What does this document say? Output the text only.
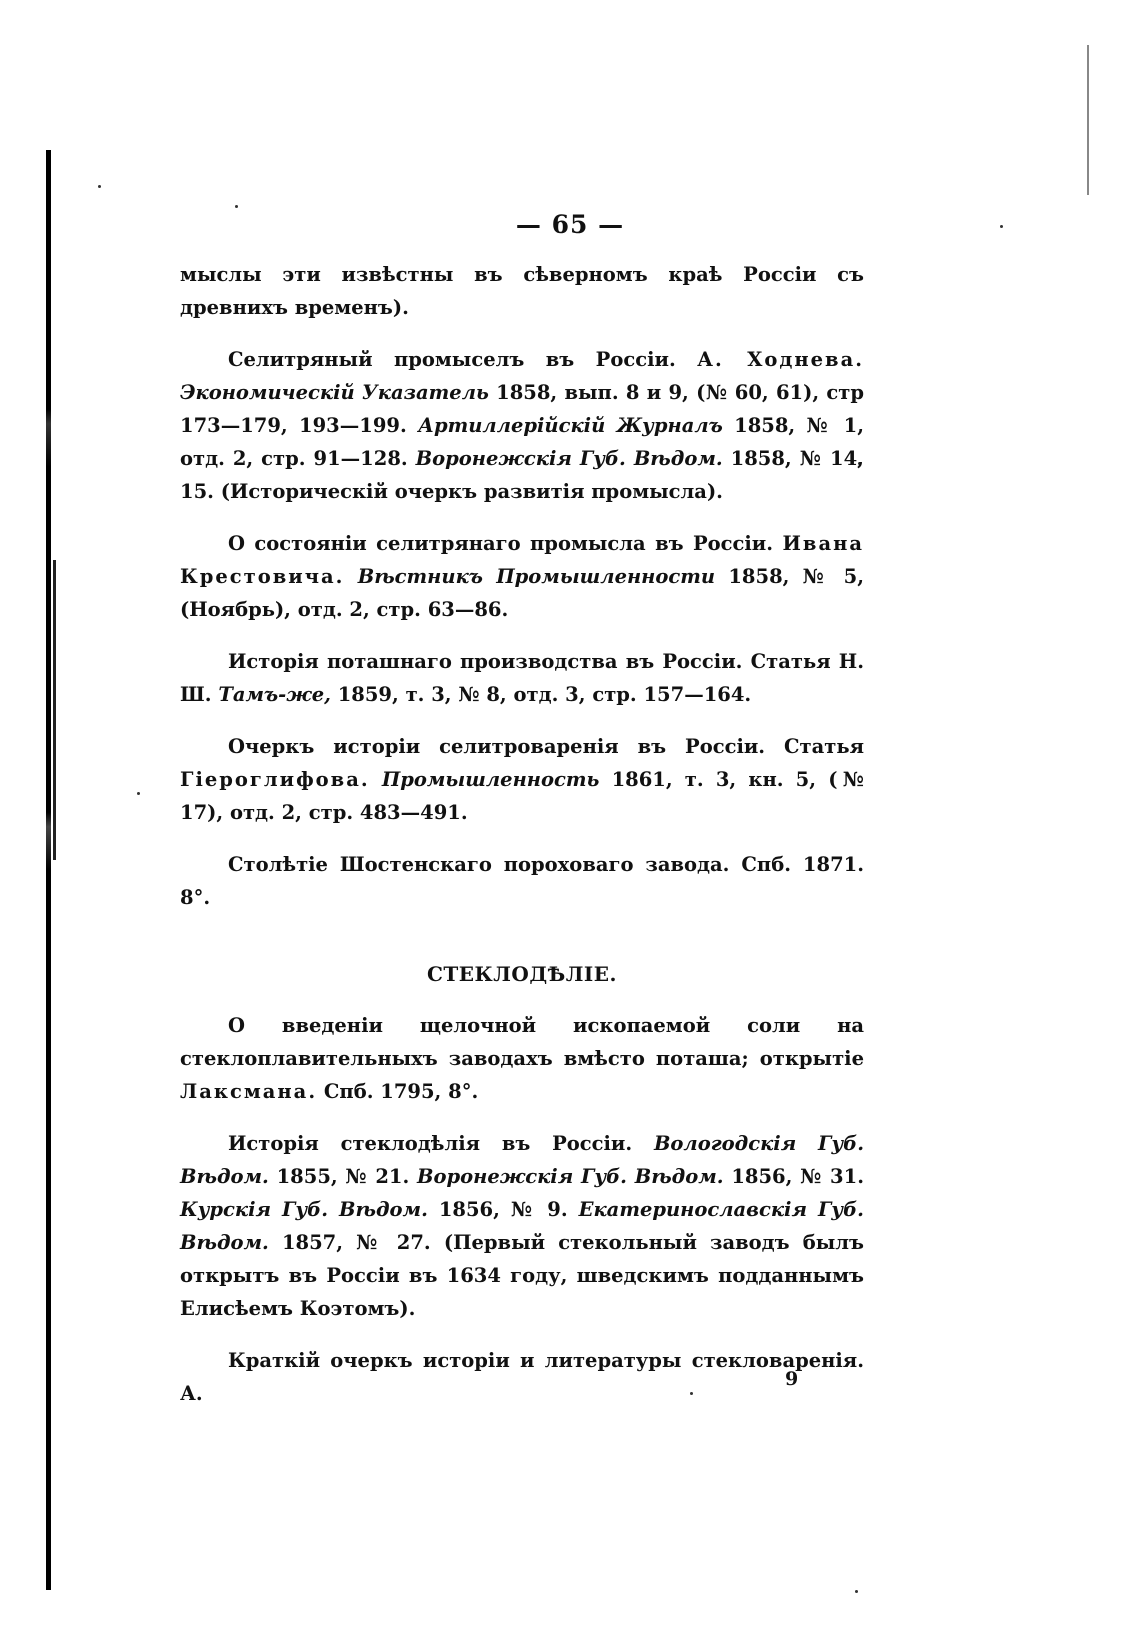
— 65 —

мыслы эти извѣстны въ сѣверномъ краѣ Россіи съ древнихъ временъ).

Селитряный промыселъ въ Россіи. А. Ходнева. Экономическій Указатель 1858, вып. 8 и 9, (№ 60, 61), стр 173—179, 193—199. Артиллерійскій Журналъ 1858, № 1, отд. 2, стр. 91—128. Воронежскія Губ. Вѣдом. 1858, № 14, 15. (Историческій очеркъ развитія промысла).

О состояніи селитрянаго промысла въ Россіи. Ивана Крестовича. Вѣстникъ Промышленности 1858, № 5, (Ноябрь), отд. 2, стр. 63—86.

Исторія поташнаго производства въ Россіи. Статья Н. Ш. Тамъ-же, 1859, т. 3, № 8, отд. 3, стр. 157—164.

Очеркъ исторіи селитроваренія въ Россіи. Статья Гіероглифова. Промышленность 1861, т. 3, кн. 5, (№ 17), отд. 2, стр. 483—491.

Столѣтіе Шостенскаго пороховаго завода. Спб. 1871. 8°.

СТЕКЛОДѢЛІЕ.

О введеніи щелочной ископаемой соли на стеклоплавительныхъ заводахъ вмѣсто поташа; открытіе Лаксмана. Спб. 1795, 8°.

Исторія стеклодѣлія въ Россіи. Вологодскія Губ. Вѣдом. 1855, № 21. Воронежскія Губ. Вѣдом. 1856, № 31. Курскія Губ. Вѣдом. 1856, № 9. Екатеринославскія Губ. Вѣдом. 1857, № 27. (Первый стекольный заводъ былъ открытъ въ Россіи въ 1634 году, шведскимъ подданнымъ Елисѣемъ Коэтомъ).

Краткій очеркъ исторіи и литературы стекловаренія. А.

9
